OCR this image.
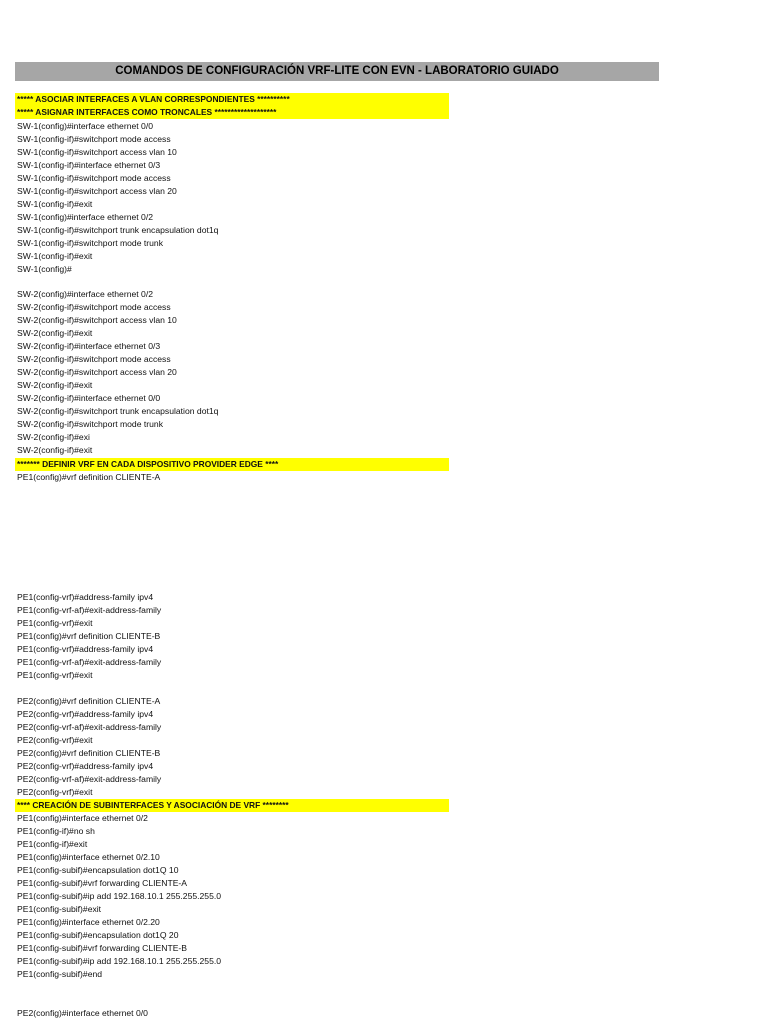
COMANDOS DE CONFIGURACIÓN VRF-LITE CON EVN - LABORATORIO GUIADO
***** ASOCIAR INTERFACES A VLAN CORRESPONDIENTES **********
***** ASIGNAR INTERFACES COMO TRONCALES *******************
******* DEFINIR VRF EN CADA DISPOSITIVO PROVIDER EDGE ****
**** CREACIÓN DE SUBINTERFACES Y ASOCIACIÓN DE VRF ********
SW-1(config)#interface ethernet 0/0
SW-1(config-if)#switchport mode access
SW-1(config-if)#switchport access vlan 10
SW-1(config-if)#interface ethernet 0/3
SW-1(config-if)#switchport mode access
SW-1(config-if)#switchport access vlan 20
SW-1(config-if)#exit
SW-1(config)#interface ethernet 0/2
SW-1(config-if)#switchport trunk encapsulation dot1q
SW-1(config-if)#switchport mode trunk
SW-1(config-if)#exit
SW-1(config)#
SW-2(config)#interface ethernet 0/2
SW-2(config-if)#switchport mode access
SW-2(config-if)#switchport access vlan 10
SW-2(config-if)#exit
SW-2(config-if)#interface ethernet 0/3
SW-2(config-if)#switchport mode access
SW-2(config-if)#switchport access vlan 20
SW-2(config-if)#exit
SW-2(config-if)#interface ethernet 0/0
SW-2(config-if)#switchport trunk encapsulation dot1q
SW-2(config-if)#switchport mode trunk
SW-2(config-if)#exi
SW-2(config-if)#exit
PE1(config)#vrf definition CLIENTE-A
PE1(config-vrf)#address-family ipv4
PE1(config-vrf-af)#exit-address-family
PE1(config-vrf)#exit
PE1(config)#vrf definition CLIENTE-B
PE1(config-vrf)#address-family ipv4
PE1(config-vrf-af)#exit-address-family
PE1(config-vrf)#exit
PE2(config)#vrf definition CLIENTE-A
PE2(config-vrf)#address-family ipv4
PE2(config-vrf-af)#exit-address-family
PE2(config-vrf)#exit
PE2(config)#vrf definition CLIENTE-B
PE2(config-vrf)#address-family ipv4
PE2(config-vrf-af)#exit-address-family
PE2(config-vrf)#exit
PE1(config)#interface ethernet 0/2
PE1(config-if)#no sh
PE1(config-if)#exit
PE1(config)#interface ethernet 0/2.10
PE1(config-subif)#encapsulation dot1Q 10
PE1(config-subif)#vrf forwarding CLIENTE-A
PE1(config-subif)#ip add 192.168.10.1 255.255.255.0
PE1(config-subif)#exit
PE1(config)#interface ethernet 0/2.20
PE1(config-subif)#encapsulation dot1Q 20
PE1(config-subif)#vrf forwarding CLIENTE-B
PE1(config-subif)#ip add 192.168.10.1 255.255.255.0
PE1(config-subif)#end
PE2(config)#interface ethernet 0/0
